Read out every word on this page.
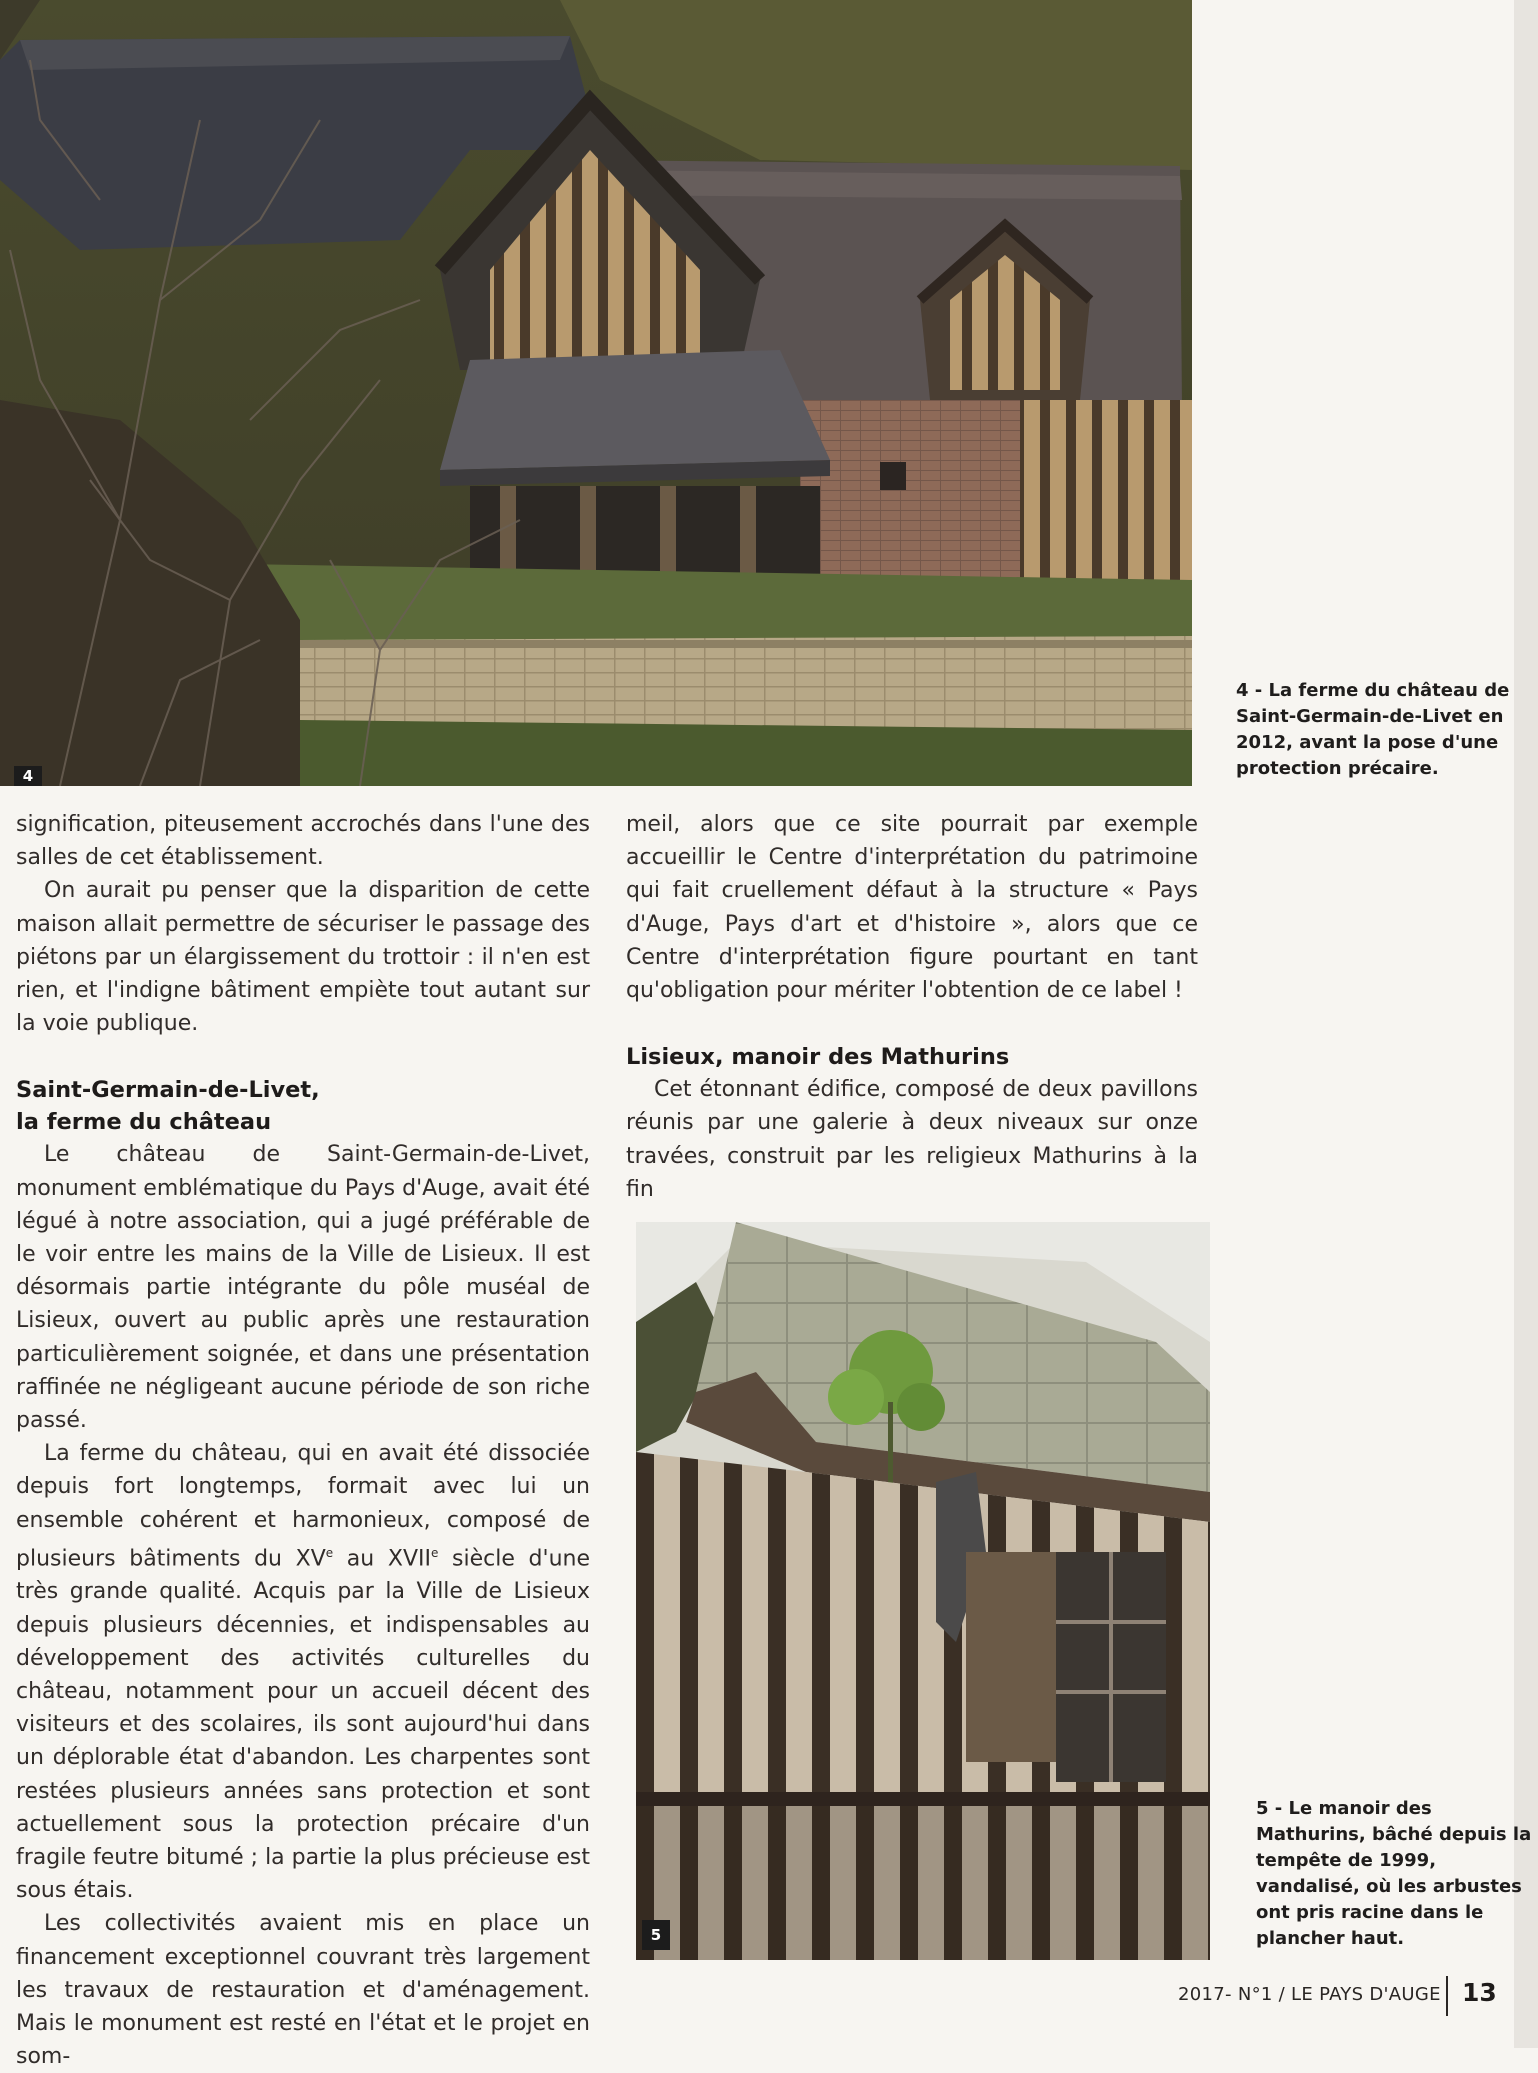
4
4 - La ferme du château de
Saint-Germain-de-Livet en
2012, avant la pose d'une
protection précaire.

signification, piteusement accrochés dans l'une des salles de cet établissement.

On aurait pu penser que la disparition de cette maison allait permettre de sécuriser le passage des piétons par un élargissement du trottoir : il n'en est rien, et l'indigne bâtiment empiète tout autant sur la voie publique.

Saint-Germain-de-Livet,
la ferme du château

Le château de Saint-Germain-de-Livet, monument emblématique du Pays d'Auge, avait été légué à notre association, qui a jugé préférable de le voir entre les mains de la Ville de Lisieux. Il est désormais partie intégrante du pôle muséal de Lisieux, ouvert au public après une restauration particulièrement soignée, et dans une présentation raffinée ne négligeant aucune période de son riche passé.

La ferme du château, qui en avait été dissociée depuis fort longtemps, formait avec lui un ensemble cohérent et harmonieux, composé de plusieurs bâtiments du XVe au XVIIe siècle d'une très grande qualité. Acquis par la Ville de Lisieux depuis plusieurs décennies, et indispensables au développement des activités culturelles du château, notamment pour un accueil décent des visiteurs et des scolaires, ils sont aujourd'hui dans un déplorable état d'abandon. Les charpentes sont restées plusieurs années sans protection et sont actuellement sous la protection précaire d'un fragile feutre bitumé ; la partie la plus précieuse est sous étais.

Les collectivités avaient mis en place un financement exceptionnel couvrant très largement les travaux de restauration et d'aménagement. Mais le monument est resté en l'état et le projet en som-

meil, alors que ce site pourrait par exemple accueillir le Centre d'interprétation du patrimoine qui fait cruellement défaut à la structure « Pays d'Auge, Pays d'art et d'histoire », alors que ce Centre d'interprétation figure pourtant en tant qu'obligation pour mériter l'obtention de ce label !

Lisieux, manoir des Mathurins

Cet étonnant édifice, composé de deux pavillons réunis par une galerie à deux niveaux sur onze travées, construit par les religieux Mathurins à la fin

5
5 - Le manoir des
Mathurins, bâché depuis la
tempête de 1999,
vandalisé, où les arbustes
ont pris racine dans le
plancher haut.
2017- N°1 / LE PAYS D'AUGE 13
